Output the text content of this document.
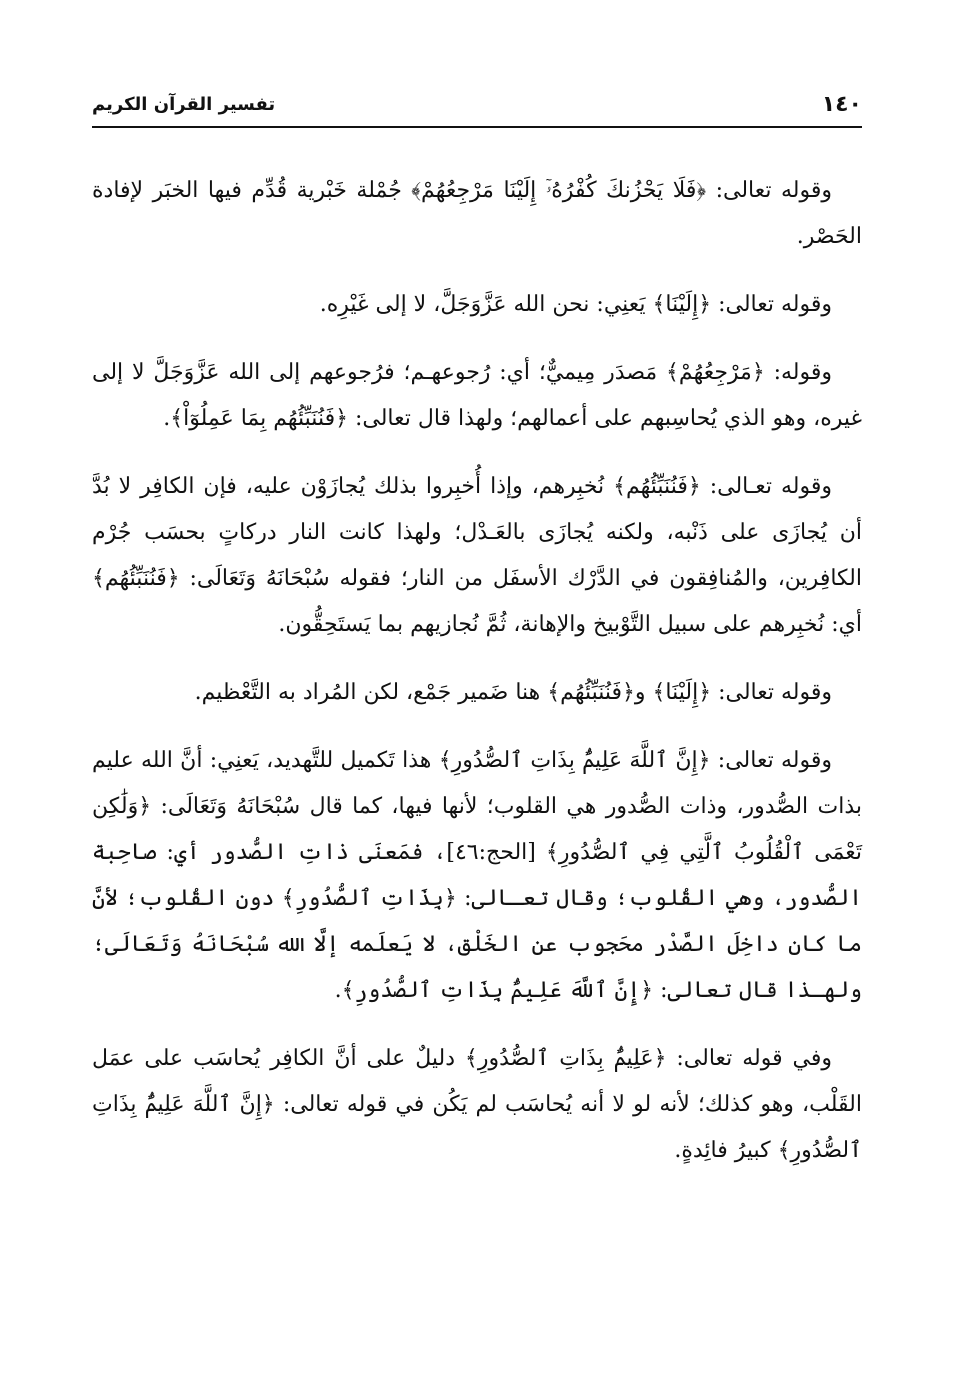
١٤٠
تفسير القرآن الكريم

وقوله تعالى: ﴿فَلَا يَحْزُنكَ كُفْرُهُۥٓ إِلَيْنَا مَرْجِعُهُمْ﴾ جُمْلة خَبْرية قُدِّم فيها الخبَر لإفادة الحَصْر.

وقوله تعالى: ﴿إِلَيْنَا﴾ يَعنِي: نحن الله عَزَّوَجَلَّ، لا إلى غَيْرِه.

وقوله: ﴿مَرْجِعُهُمْ﴾ مَصدَر مِيميٌّ؛ أي: رُجوعهـم؛ فرُجوعهم إلى الله عَزَّوَجَلَّ لا إلى غيره، وهو الذي يُحاسِبهم على أعمالهم؛ ولهذا قال تعالى: ﴿فَنُنَبِّئُهُم بِمَا عَمِلُوٓاْ﴾.

وقوله تعـالى: ﴿فَنُنَبِّئُهُم﴾ نُخبِرهم، وإذا أُخبِروا بذلك يُجازَوْن عليه، فإن الكافِر لا بُدَّ أن يُجازَى على ذَنْبه، ولكنه يُجازَى بالعَـدْل؛ ولهذا كانت النار دركاتٍ بحسَب جُرْم الكافِرين، والمُنافِقون في الدَّرْك الأسفَل من النار؛ فقوله سُبْحَانَهُ وَتَعَالَى: ﴿فَنُنَبِّئُهُم﴾ أي: نُخبِرهم على سبيل التَّوْبيخ والإهانة، ثُمَّ نُجازيهم بما يَستَحِقُّون.

وقوله تعالى: ﴿إِلَيْنَا﴾ و﴿فَنُنَبِّئُهُم﴾ هنا ضَمير جَمْع، لكن المُراد به التَّعْظيم.

وقوله تعالى: ﴿إِنَّ ٱللَّهَ عَلِيمٌۢ بِذَاتِ ٱلصُّدُورِ﴾ هذا تَكميل للتَّهديد، يَعنِي: أنَّ الله عليم بذات الصُّدور، وذات الصُّدور هي القلوب؛ لأنها فيها، كما قال سُبْحَانَهُ وَتَعَالَى: ﴿وَلَٰكِن تَعْمَى ٱلْقُلُوبُ ٱلَّتِي فِي ٱلصُّدُورِ﴾ [الحج:٤٦]، فمَعنَى ذاتِ الصُّدور أي: صاحِبة الصُّدور، وهي القُلوب؛ وقال تعـالى: ﴿بِذَاتِ ٱلصُّدُورِ﴾ دون القُلوب؛ لأنَّ ما كان داخِلَ الصَّدْر محَجوب عن الخَلْق، لا يَعلَمه إلَّا الله سُبْحَانَهُ وَتَعَالَى؛ ولهـذا قال تعالى: ﴿إِنَّ ٱللَّهَ عَلِيمٌۢ بِذَاتِ ٱلصُّدُورِ﴾.

وفي قوله تعالى: ﴿عَلِيمٌۢ بِذَاتِ ٱلصُّدُورِ﴾ دليلٌ على أنَّ الكافِر يُحاسَب على عمَل القَلْب، وهو كذلك؛ لأنه لو لا أنه يُحاسَب لم يَكُن في قوله تعالى: ﴿إِنَّ ٱللَّهَ عَلِيمٌۢ بِذَاتِ ٱلصُّدُورِ﴾ كبيرُ فائِدةٍ.
